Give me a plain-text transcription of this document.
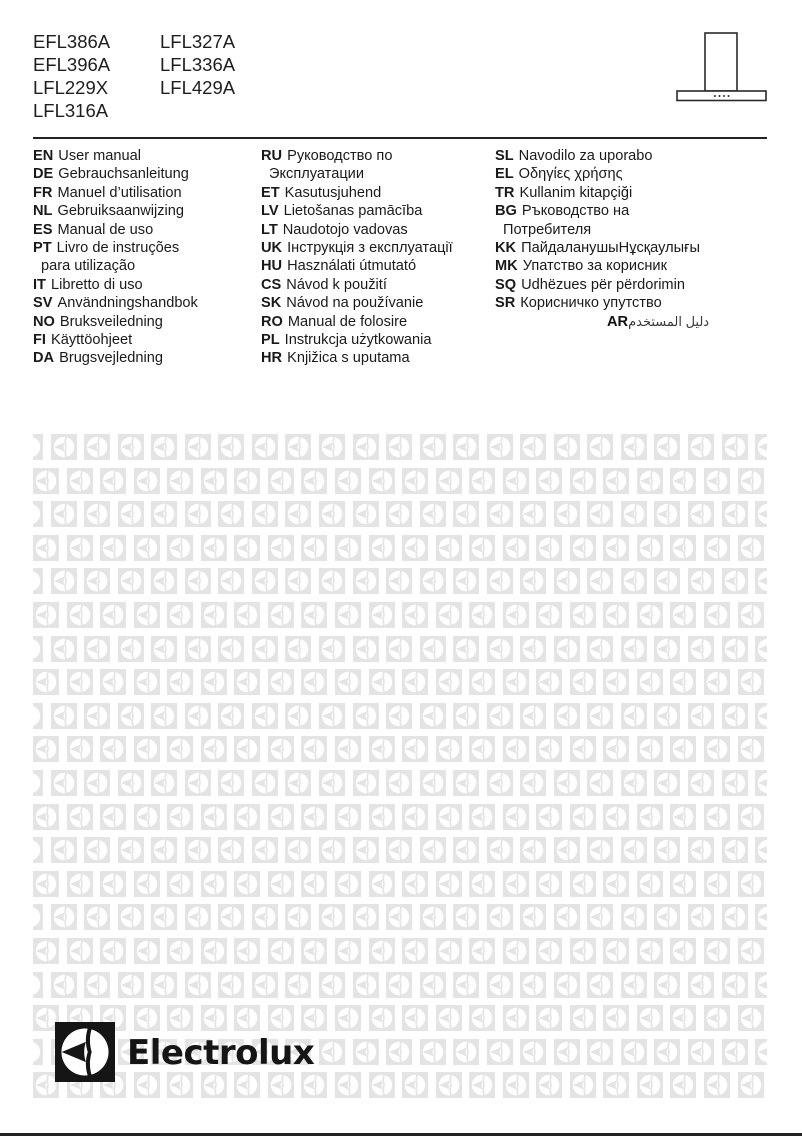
EFL386A
EFL396A
LFL229X
LFL316A
LFL327A
LFL336A
LFL429A
EN User manual
DE Gebrauchsanleitung
FR Manuel d’utilisation
NL Gebruiksaanwijzing
ES Manual de uso
PT Livro de instruções
para utilização
IT Libretto di uso
SV Användningshandbok
NO Bruksveiledning
FI Käyttöohjeet
DA Brugsvejledning
RU Руководство по
Эксплуатации
ET Kasutusjuhend
LV Lietošanas pamācība
LT Naudotojo vadovas
UK Інструкція з експлуатації
HU Használati útmutató
CS Návod k použití
SK Návod na používanie
RO Manual de folosire
PL Instrukcja użytkowania
HR Knjižica s uputama
SL Navodilo za uporabo
EL Οδηγίες χρήσης
TR Kullanim kitapçiği
BG Ръководство на
Потребителя
KK ПайдаланушыНұсқаулығы
MK Упатство за корисник
SQ Udhëzues për përdorimin
SR Корисничко упутство
ARدليل المستخدم
Electrolux
